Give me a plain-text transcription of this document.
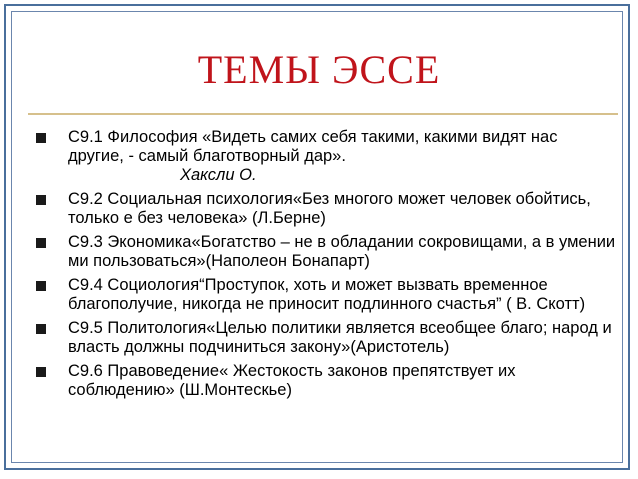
ТЕМЫ ЭССЕ
С9.1 Философия «Видеть самих себя такими, какими видят нас другие, - самый благотворный дар».
Хаксли О.
С9.2 Социальная психология«Без многого может человек обойтись, только е без человека» (Л.Берне)
С9.3 Экономика«Богатство – не в обладании сокровищами, а в умении ми пользоваться»(Наполеон Бонапарт)
С9.4 Социология“Проступок, хоть и может вызвать временное благополучие, никогда не приносит подлинного счастья” ( В. Скотт)
С9.5 Политология«Целью политики является всеобщее благо; народ и власть должны подчиниться закону»(Аристотель)
С9.6 Правоведение« Жестокость законов препятствует их соблюдению» (Ш.Монтескье)
